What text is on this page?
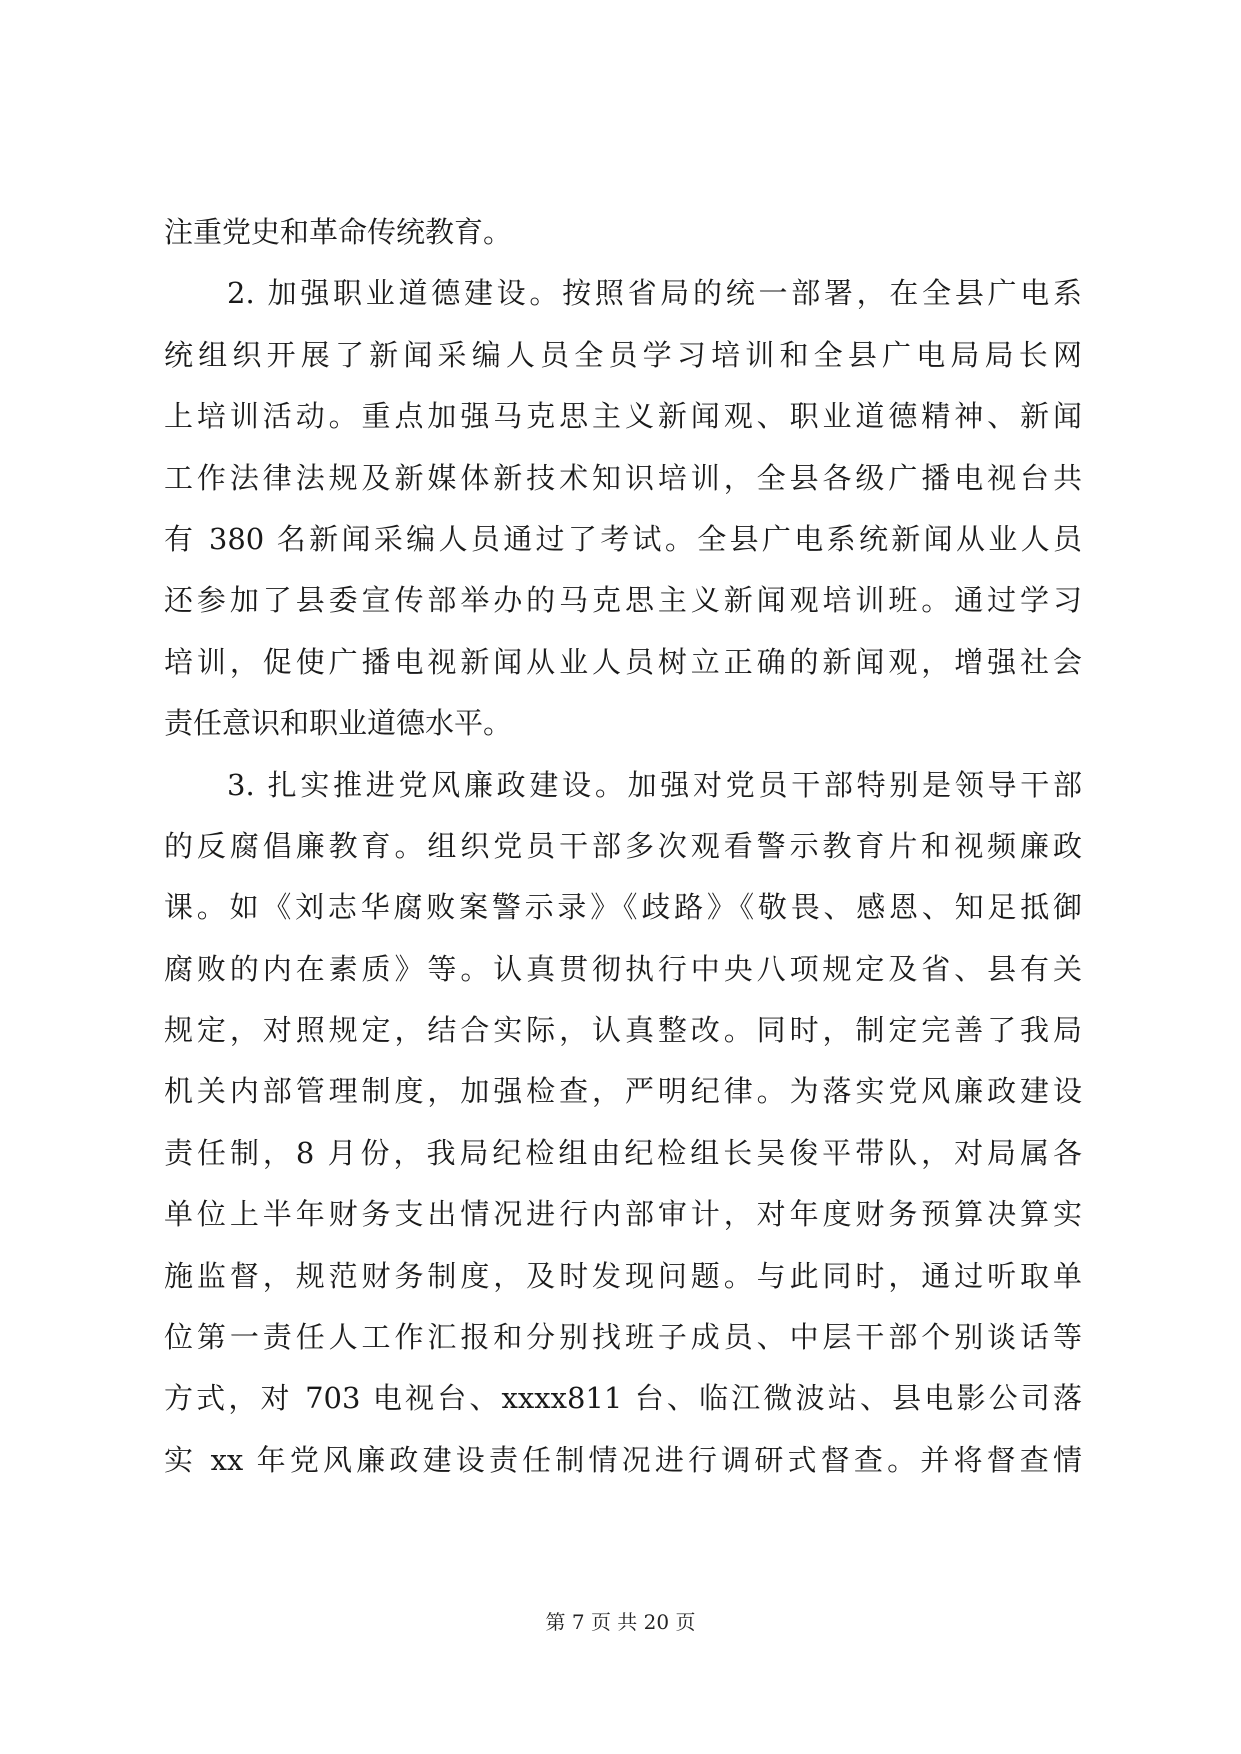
注重党史和革命传统教育。
2. 加强职业道德建设。按照省局的统一部署，在全县广电系
统组织开展了新闻采编人员全员学习培训和全县广电局局长网
上培训活动。重点加强马克思主义新闻观、职业道德精神、新闻
工作法律法规及新媒体新技术知识培训，全县各级广播电视台共
有 380 名新闻采编人员通过了考试。全县广电系统新闻从业人员
还参加了县委宣传部举办的马克思主义新闻观培训班。通过学习
培训，促使广播电视新闻从业人员树立正确的新闻观，增强社会
责任意识和职业道德水平。
3. 扎实推进党风廉政建设。加强对党员干部特别是领导干部
的反腐倡廉教育。组织党员干部多次观看警示教育片和视频廉政
课。如《刘志华腐败案警示录》《歧路》《敬畏、感恩、知足抵御
腐败的内在素质》等。认真贯彻执行中央八项规定及省、县有关
规定，对照规定，结合实际，认真整改。同时，制定完善了我局
机关内部管理制度，加强检查，严明纪律。为落实党风廉政建设
责任制，8 月份，我局纪检组由纪检组长吴俊平带队，对局属各
单位上半年财务支出情况进行内部审计，对年度财务预算决算实
施监督，规范财务制度，及时发现问题。与此同时，通过听取单
位第一责任人工作汇报和分别找班子成员、中层干部个别谈话等
方式，对 703 电视台、xxxx811 台、临江微波站、县电影公司落
实 xx 年党风廉政建设责任制情况进行调研式督查。并将督查情
第 7 页 共 20 页
